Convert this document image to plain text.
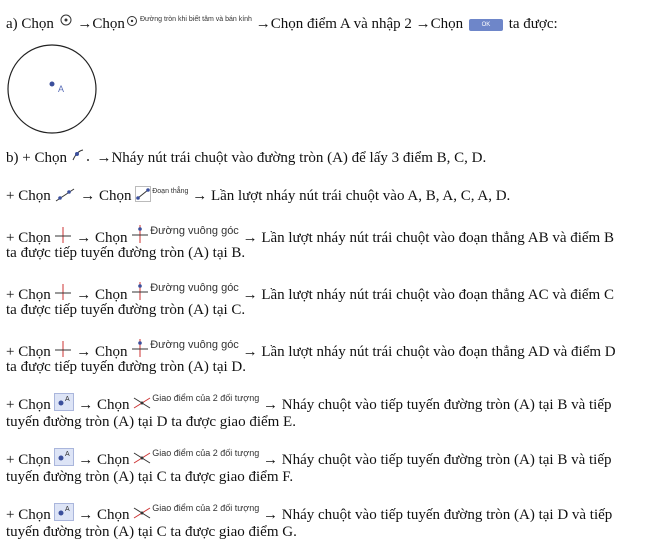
a) Chọn →Chọn $^{Đường tròn khi biết tâm và bán kính}$ →Chọn điểm A và nhập 2 →Chọn	OK ta được:
A
b) + Chọn →Nháy nút trái chuột vào đường tròn (A) để lấy 3 điểm B, C, D.
+ Chọn → Chọn	$^{Đoạn thẳng}$ → Lần lượt nháy nút trái chuột vào A, B, A, C, A, D.
+ Chọn → Chọn $^{Đường vuông góc}$ → Lần lượt nháy nút trái chuột vào đoạn thẳng AB và điểm B
ta được tiếp tuyến đường tròn (A) tại B.
+ Chọn → Chọn $^{Đường vuông góc}$ → Lần lượt nháy nút trái chuột vào đoạn thẳng AC và điểm C
ta được tiếp tuyến đường tròn (A) tại C.
+ Chọn → Chọn $^{Đường vuông góc}$ → Lần lượt nháy nút trái chuột vào đoạn thẳng AD và điểm D
ta được tiếp tuyến đường tròn (A) tại D.
+ Chọn A → Chọn	$^{Giao điểm của 2 đối tượng}$ → Nháy chuột vào tiếp tuyến đường tròn (A) tại B và tiếp
tuyến đường tròn (A) tại D ta được giao điểm E.
+ Chọn A → Chọn	$^{Giao điểm của 2 đối tượng}$ → Nháy chuột vào tiếp tuyến đường tròn (A) tại B và tiếp
tuyến đường tròn (A) tại C ta được giao điểm F.
+ Chọn A → Chọn	$^{Giao điểm của 2 đối tượng}$ → Nháy chuột vào tiếp tuyến đường tròn (A) tại D và tiếp
tuyến đường tròn (A) tại C ta được giao điểm G.
